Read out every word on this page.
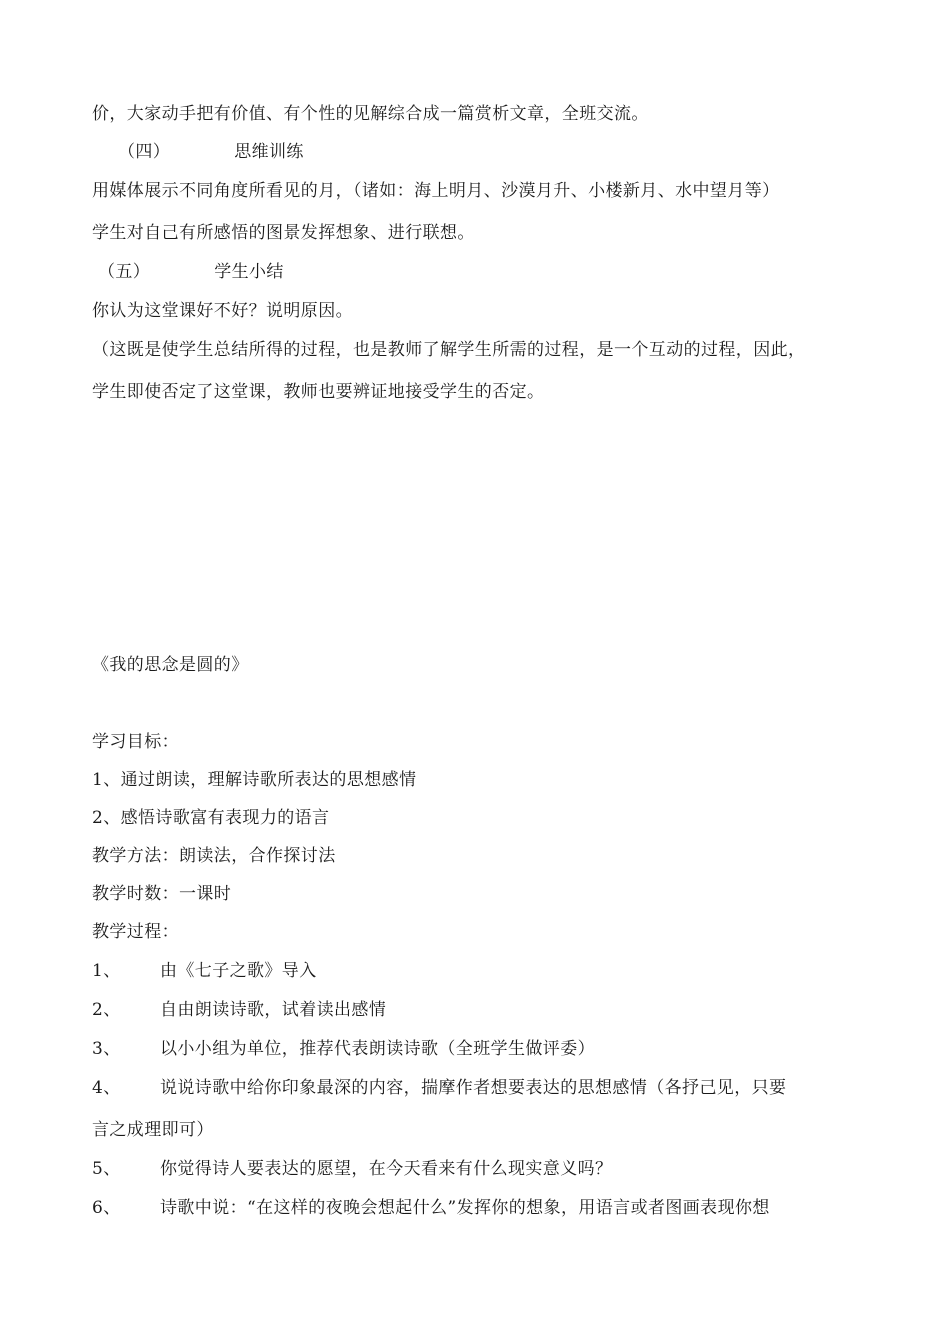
价，大家动手把有价值、有个性的见解综合成一篇赏析文章，全班交流。
（四）	思维训练
用媒体展示不同角度所看见的月，（诸如：海上明月、沙漠月升、小楼新月、水中望月等）
学生对自己有所感悟的图景发挥想象、进行联想。
（五）	学生小结
你认为这堂课好不好？说明原因。
（这既是使学生总结所得的过程，也是教师了解学生所需的过程，是一个互动的过程，因此，
学生即使否定了这堂课，教师也要辨证地接受学生的否定。
《我的思念是圆的》
学习目标：
1、通过朗读，理解诗歌所表达的思想感情
2、感悟诗歌富有表现力的语言
教学方法：朗读法，合作探讨法
教学时数：一课时
教学过程：
1、 由《七子之歌》导入
2、 自由朗读诗歌，试着读出感情
3、 以小小组为单位，推荐代表朗读诗歌（全班学生做评委）
4、 说说诗歌中给你印象最深的内容，揣摩作者想要表达的思想感情（各抒己见，只要
言之成理即可）
5、 你觉得诗人要表达的愿望，在今天看来有什么现实意义吗？
6、 诗歌中说：“在这样的夜晚会想起什么”发挥你的想象，用语言或者图画表现你想
